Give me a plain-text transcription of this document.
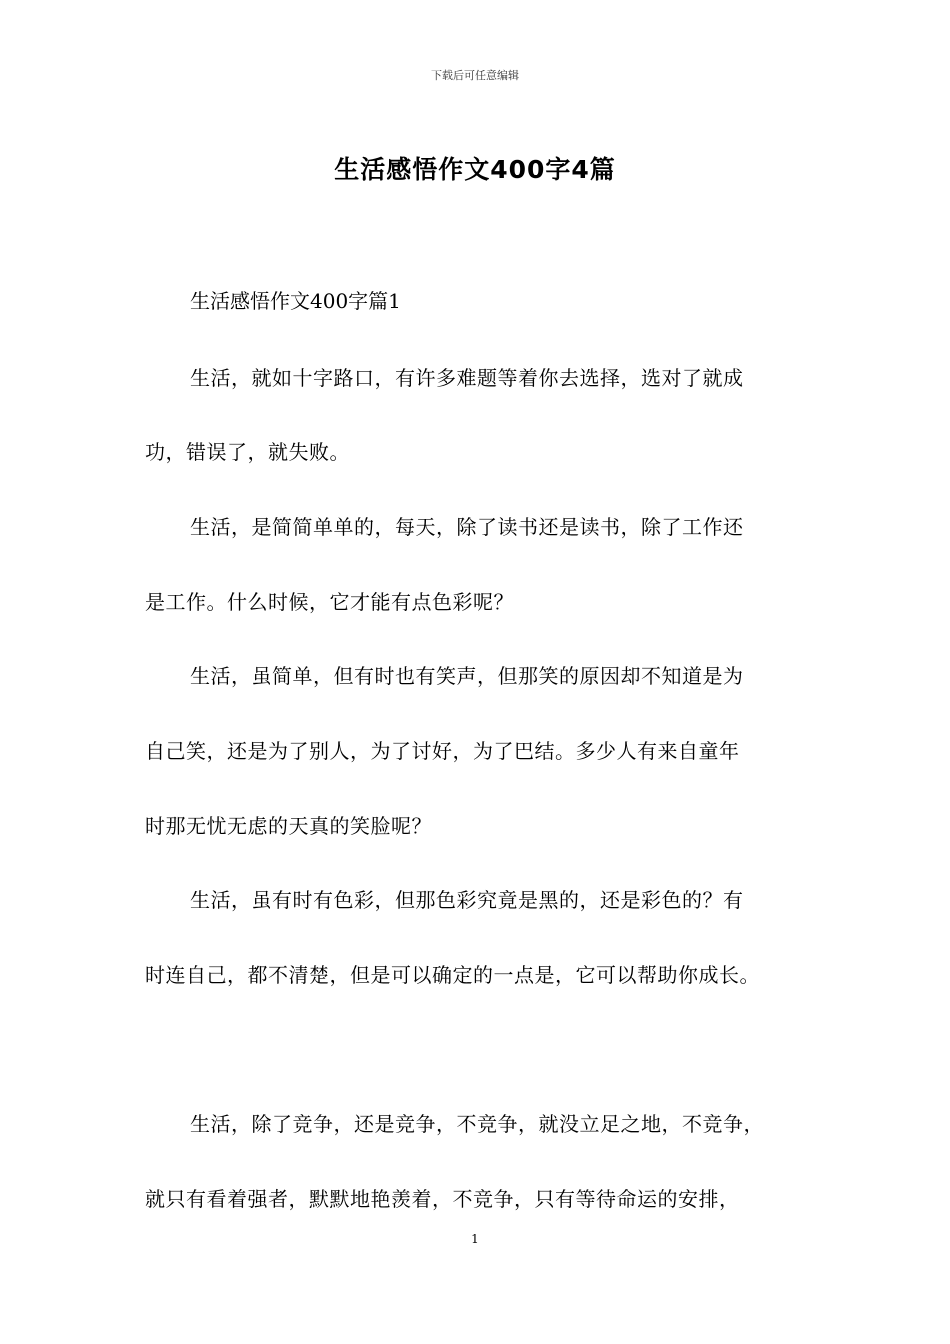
下载后可任意编辑
生活感悟作文400字4篇
生活感悟作文400字篇1
生活，就如十字路口，有许多难题等着你去选择，选对了就成
功，错误了，就失败。
生活，是简简单单的，每天，除了读书还是读书，除了工作还
是工作。什么时候，它才能有点色彩呢？
生活，虽简单，但有时也有笑声，但那笑的原因却不知道是为
自己笑，还是为了别人，为了讨好，为了巴结。多少人有来自童年
时那无忧无虑的天真的笑脸呢？
生活，虽有时有色彩，但那色彩究竟是黑的，还是彩色的？有
时连自己，都不清楚，但是可以确定的一点是，它可以帮助你成长。
生活，除了竞争，还是竞争，不竞争，就没立足之地，不竞争，
就只有看着强者，默默地艳羡着，不竞争，只有等待命运的安排，
1
